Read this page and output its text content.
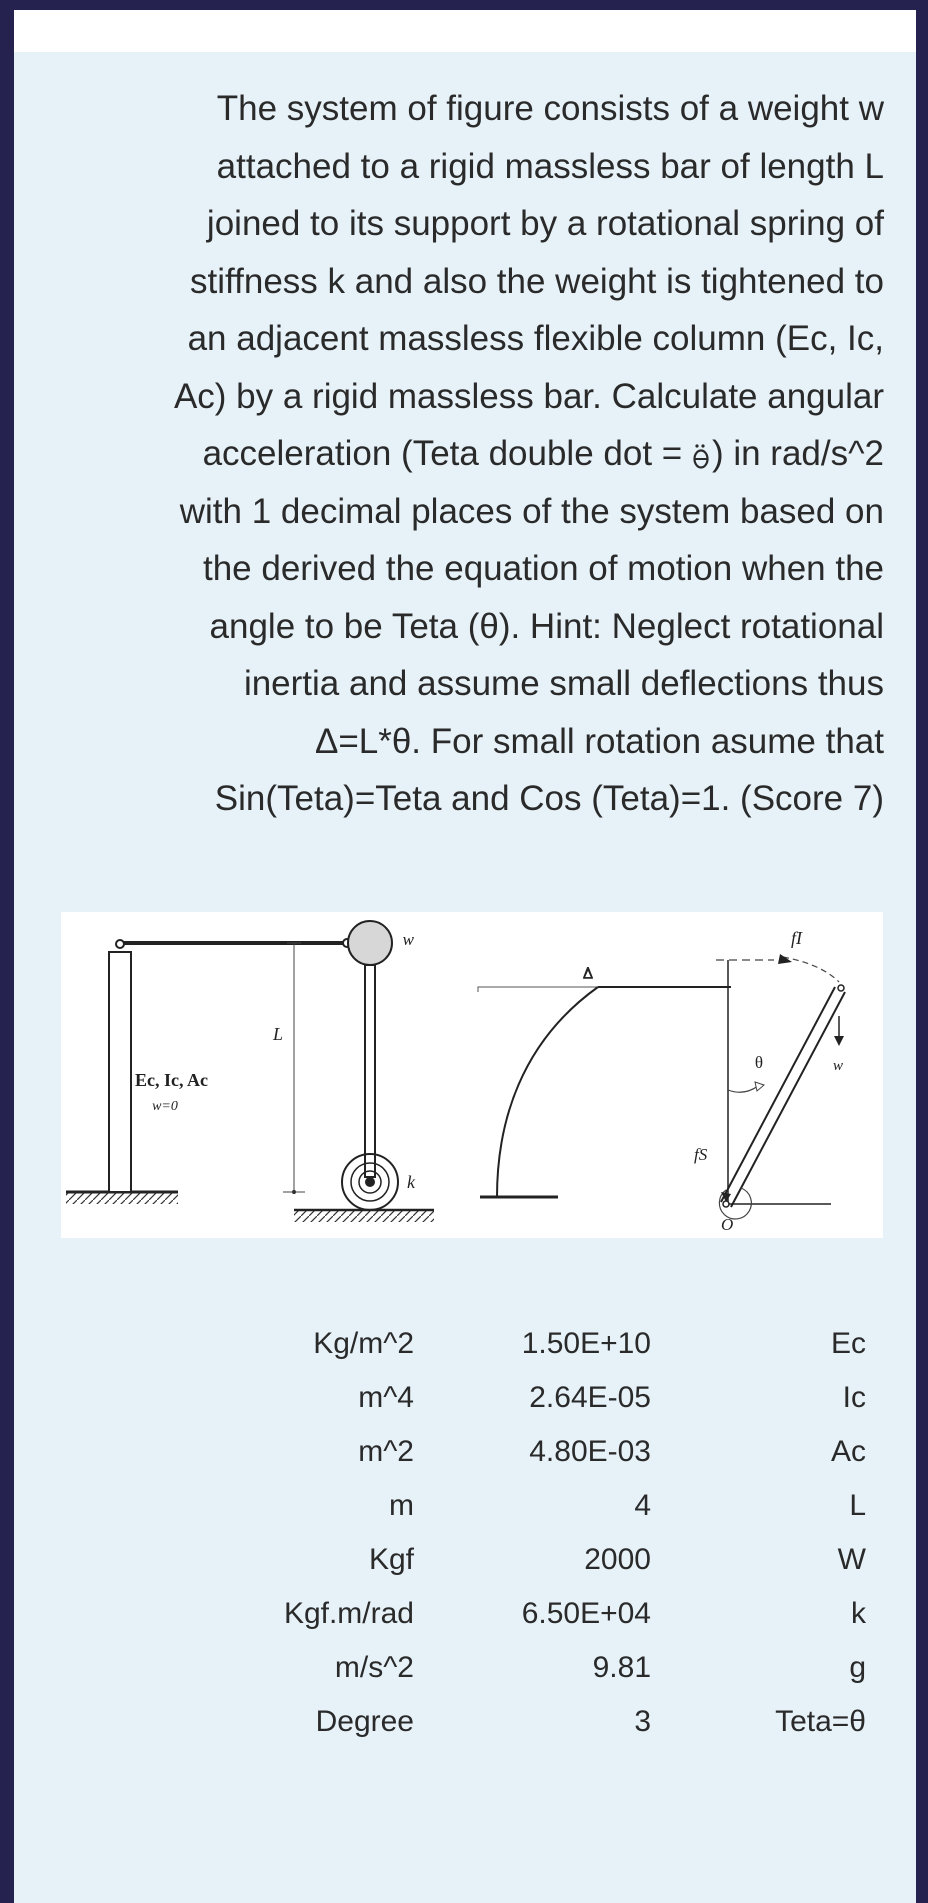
The system of figure consists of a weight w
attached to a rigid massless bar of length L
joined to its support by a rotational spring of
stiffness k and also the weight is tightened to
an adjacent massless flexible column (Ec, Ic,
Ac) by a rigid massless bar. Calculate angular
acceleration (Teta double dot = ) in rad/s^2
with 1 decimal places of the system based on
the derived the equation of motion when the
angle to be Teta (θ). Hint: Neglect rotational
inertia and assume small deflections thus
Δ=L*θ. For small rotation asume that
Sin(Teta)=Teta and Cos (Teta)=1. (Score 7)

Ec, Ic, Ac
w=0
L
w
k
Δ
fI
w
θ
fS
O
Kg/m^2	1.50E+10	Ec
m^4	2.64E-05	Ic
m^2	4.80E-03	Ac
m	4	L
Kgf	2000	W
Kgf.m/rad	6.50E+04	k
m/s^2	9.81	g
Degree	3	Teta=θ
